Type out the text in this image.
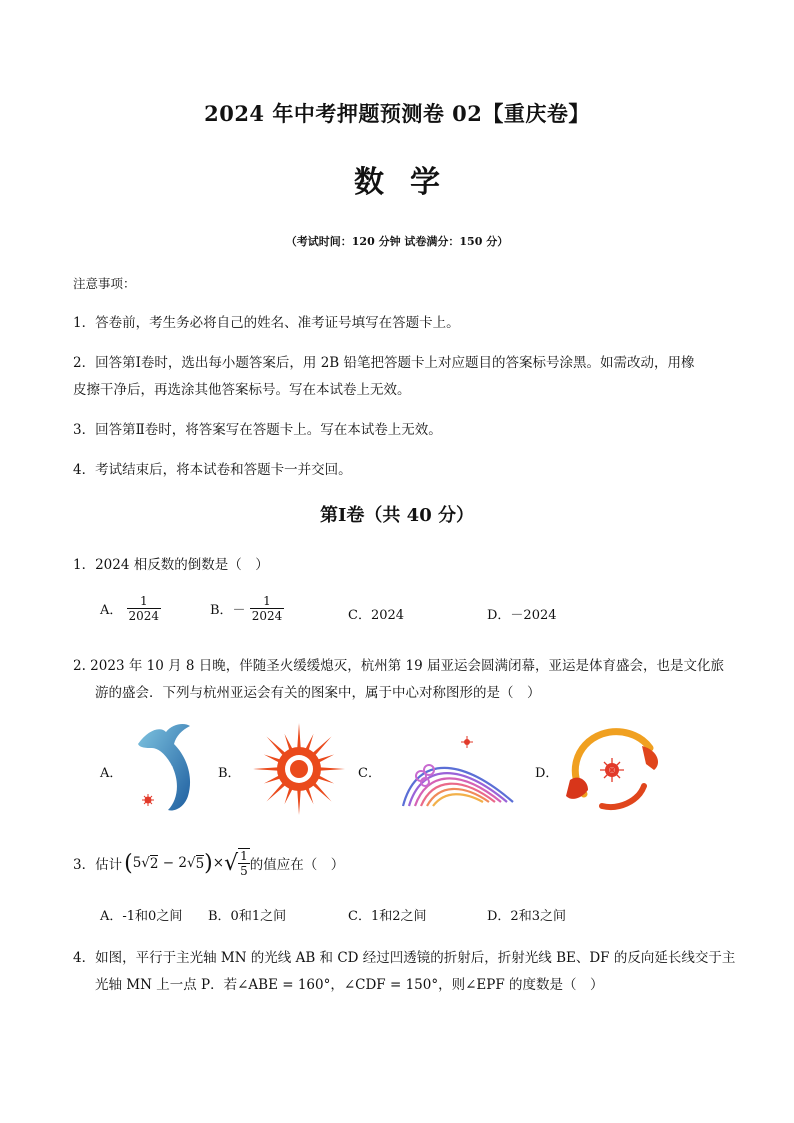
2024 年中考押题预测卷 02【重庆卷】
数学
（考试时间：120 分钟 试卷满分：150 分）
注意事项：
1．答卷前，考生务必将自己的姓名、准考证号填写在答题卡上。
2．回答第Ⅰ卷时，选出每小题答案后，用 2B 铅笔把答题卡上对应题目的答案标号涂黑。如需改动，用橡
皮擦干净后，再选涂其他答案标号。写在本试卷上无效。
3．回答第Ⅱ卷时，将答案写在答题卡上。写在本试卷上无效。
4．考试结束后，将本试卷和答题卡一并交回。
第Ⅰ卷（共 40 分）
1．2024 相反数的倒数是（　）
A． $\frac{1}{2024}$	B．－ $\frac{1}{2024}$	C．2024	D．－2024
2. 2023 年 10 月 8 日晚，伴随圣火缓缓熄灭，杭州第 19 届亚运会圆满闭幕，亚运是体育盛会，也是文化旅
游的盛会．下列与杭州亚运会有关的图案中，属于中心对称图形的是（　）
A．	B．	C．	D．
3．估计 ( 5 √ 2 − 2 √ 5 ) × √ $\frac{1}{5}$ 的值应在（　）
A．-1和0之间 B．0和1之间	C．1和2之间	D．2和3之间
4．如图，平行于主光轴 MN 的光线 AB 和 CD 经过凹透镜的折射后，折射光线 BE、DF 的反向延长线交于主
光轴 MN 上一点 P．若∠ABE = 160°，∠CDF = 150°，则∠EPF 的度数是（　）
